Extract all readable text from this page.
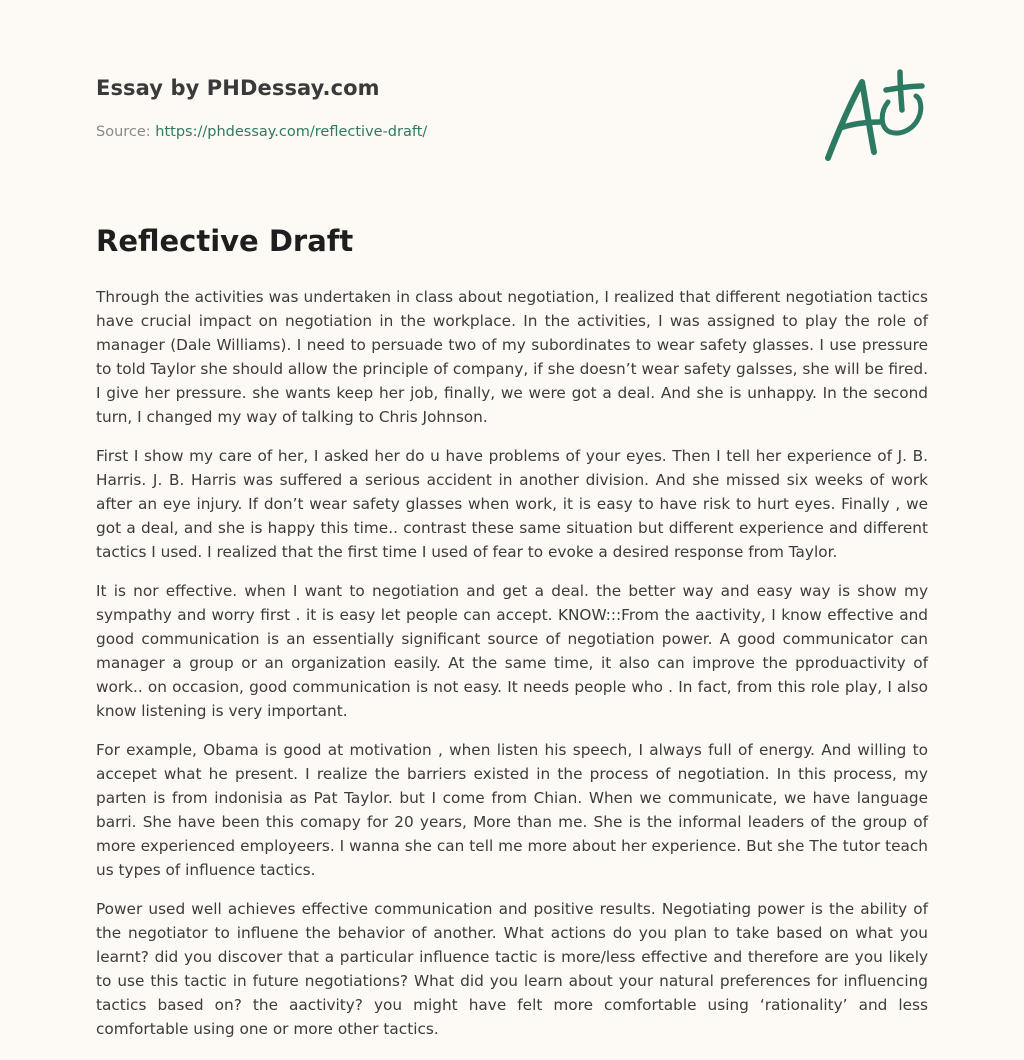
Essay by PHDessay.com
Source: https://phdessay.com/reflective-draft/
Reflective Draft

Through the activities was undertaken in class about negotiation, I realized that different negotiation tactics have crucial impact on negotiation in the workplace. In the activities, I was assigned to play the role of manager (Dale Williams). I need to persuade two of my subordinates to wear safety glasses. I use pressure to told Taylor she should allow the principle of company, if she doesn’t wear safety galsses, she will be fired. I give her pressure. she wants keep her job, finally, we were got a deal. And she is unhappy. In the second turn, I changed my way of talking to Chris Johnson.

First I show my care of her, I asked her do u have problems of your eyes. Then I tell her experience of J. B. Harris. J. B. Harris was suffered a serious accident in another division. And she missed six weeks of work after an eye injury. If don’t wear safety glasses when work, it is easy to have risk to hurt eyes. Finally , we got a deal, and she is happy this time.. contrast these same situation but different experience and different tactics I used. I realized that the first time I used of fear to evoke a desired response from Taylor.

It is nor effective. when I want to negotiation and get a deal. the better way and easy way is show my sympathy and worry first . it is easy let people can accept. KNOW:::From the aactivity, I know effective and good communication is an essentially significant source of negotiation power. A good communicator can manager a group or an organization easily. At the same time, it also can improve the pproduactivity of work.. on occasion, good communication is not easy. It needs people who . In fact, from this role play, I also know listening is very important.

For example, Obama is good at motivation , when listen his speech, I always full of energy. And willing to accepet what he present. I realize the barriers existed in the process of negotiation. In this process, my parten is from indonisia as Pat Taylor. but I come from Chian. When we communicate, we have language barri. She have been this comapy for 20 years, More than me. She is the informal leaders of the group of more experienced employeers. I wanna she can tell me more about her experience. But she The tutor teach us types of influence tactics.

Power used well achieves effective communication and positive results. Negotiating power is the ability of the negotiator to influene the behavior of another. What actions do you plan to take based on what you learnt? did you discover that a particular influence tactic is more/less effective and therefore are you likely to use this tactic in future negotiations? What did you learn about your natural preferences for influencing tactics based on? the aactivity? you might have felt more comfortable using ‘rationality’ and less comfortable using one or more other tactics.
